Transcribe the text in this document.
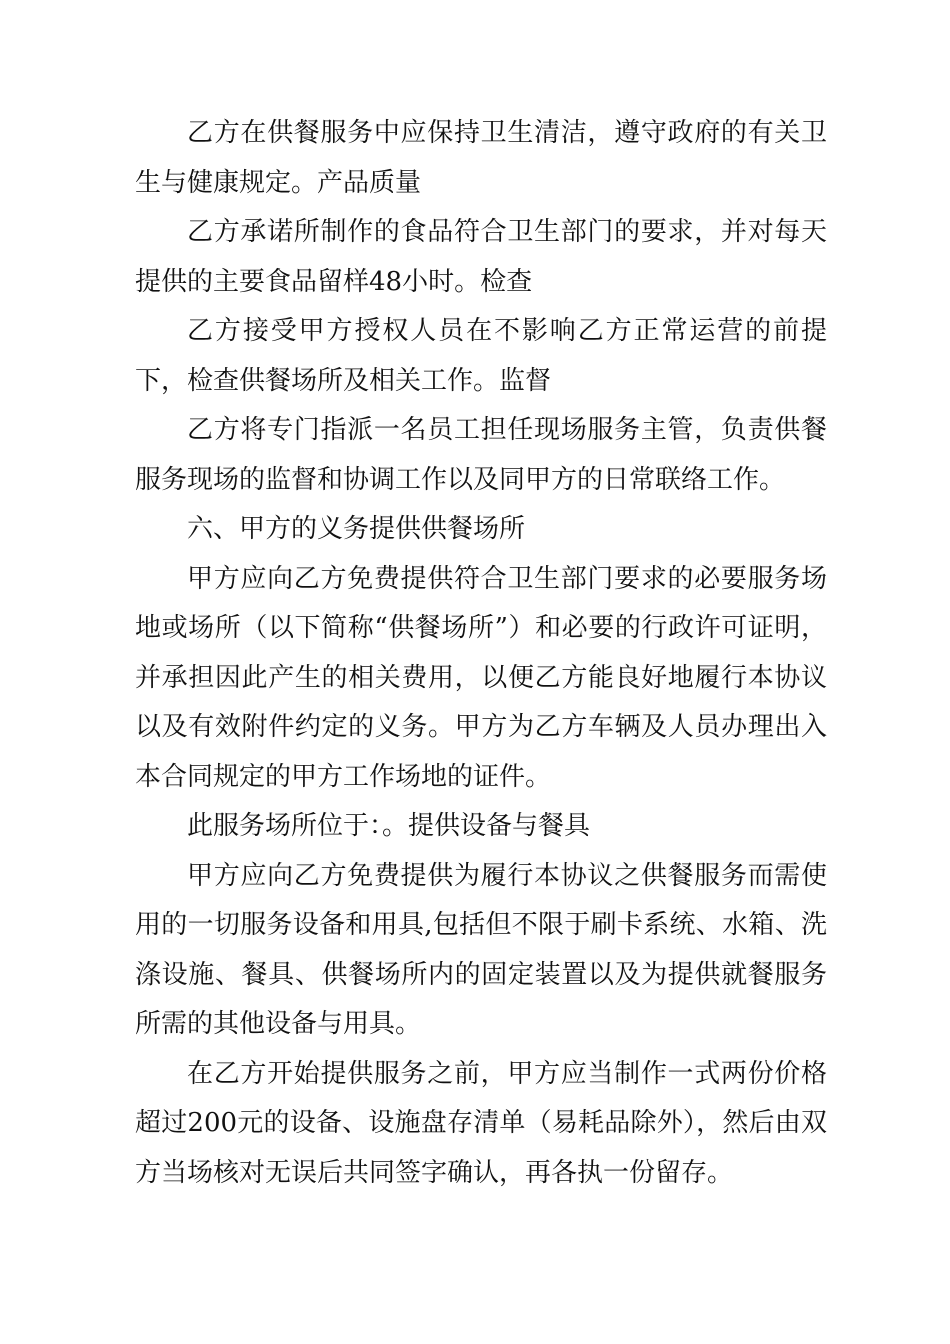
乙方在供餐服务中应保持卫生清洁，遵守政府的有关卫生与健康规定。产品质量

乙方承诺所制作的食品符合卫生部门的要求，并对每天提供的主要食品留样48小时。检查

乙方接受甲方授权人员在不影响乙方正常运营的前提下，检查供餐场所及相关工作。监督

乙方将专门指派一名员工担任现场服务主管，负责供餐服务现场的监督和协调工作以及同甲方的日常联络工作。

六、甲方的义务提供供餐场所

甲方应向乙方免费提供符合卫生部门要求的必要服务场地或场所（以下简称“供餐场所”）和必要的行政许可证明，并承担因此产生的相关费用，以便乙方能良好地履行本协议以及有效附件约定的义务。甲方为乙方车辆及人员办理出入本合同规定的甲方工作场地的证件。

此服务场所位于：。提供设备与餐具

甲方应向乙方免费提供为履行本协议之供餐服务而需使用的一切服务设备和用具,包括但不限于刷卡系统、水箱、洗涤设施、餐具、供餐场所内的固定装置以及为提供就餐服务所需的其他设备与用具。

在乙方开始提供服务之前，甲方应当制作一式两份价格超过200元的设备、设施盘存清单（易耗品除外），然后由双方当场核对无误后共同签字确认，再各执一份留存。
